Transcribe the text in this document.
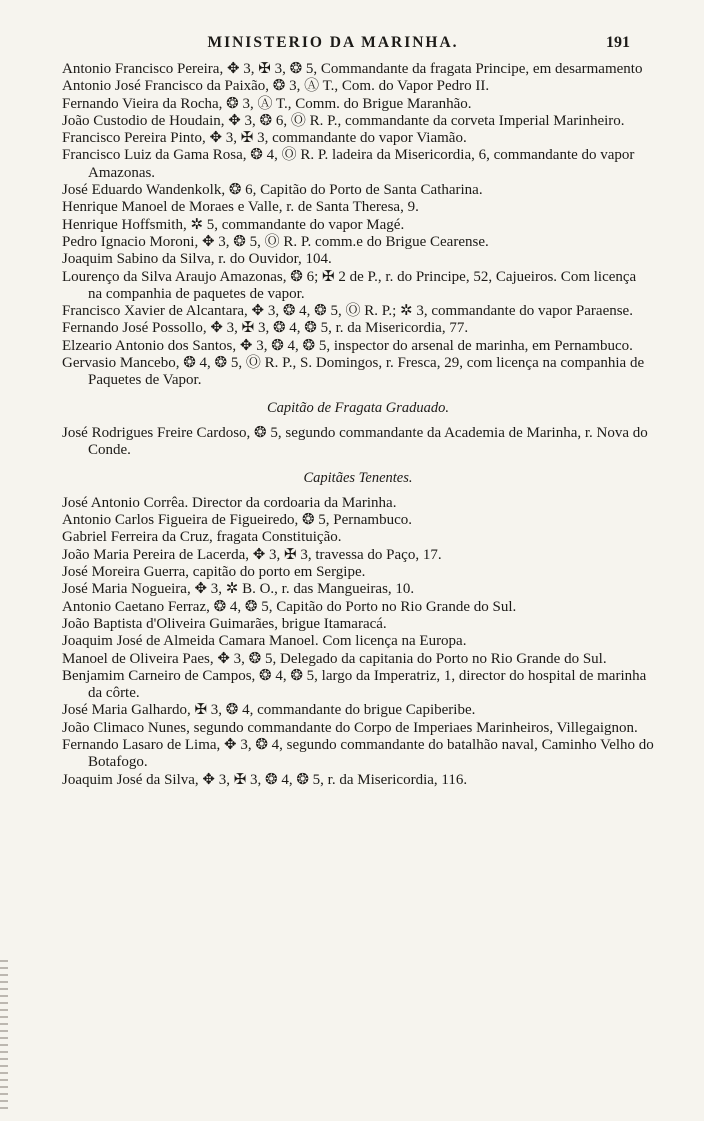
MINISTERIO DA MARINHA.	191
Antonio Francisco Pereira, ✥ 3, ✠ 3, ❂ 5, Commandante da fragata Principe, em desarmamento
Antonio José Francisco da Paixão, ❂ 3, Ⓐ T., Com. do Vapor Pedro II.
Fernando Vieira da Rocha, ❂ 3, Ⓐ T., Comm. do Brigue Maranhão.
João Custodio de Houdain, ✥ 3, ❂ 6, Ⓞ R. P., commandante da corveta Imperial Marinheiro.
Francisco Pereira Pinto, ✥ 3, ✠ 3, commandante do vapor Viamão.
Francisco Luiz da Gama Rosa, ❂ 4, Ⓞ R. P. ladeira da Misericordia, 6, commandante do vapor Amazonas.
José Eduardo Wandenkolk, ❂ 6, Capitão do Porto de Santa Catharina.
Henrique Manoel de Moraes e Valle, r. de Santa Theresa, 9.
Henrique Hoffsmith, ✲ 5, commandante do vapor Magé.
Pedro Ignacio Moroni, ✥ 3, ❂ 5, Ⓞ R. P. comm.e do Brigue Cearense.
Joaquim Sabino da Silva, r. do Ouvidor, 104.
Lourenço da Silva Araujo Amazonas, ❂ 6; ✠ 2 de P., r. do Principe, 52, Cajueiros. Com licença na companhia de paquetes de vapor.
Francisco Xavier de Alcantara, ✥ 3, ❂ 4, ❂ 5, Ⓞ R. P.; ✲ 3, commandante do vapor Paraense.
Fernando José Possollo, ✥ 3, ✠ 3, ❂ 4, ❂ 5, r. da Misericordia, 77.
Elzeario Antonio dos Santos, ✥ 3, ❂ 4, ❂ 5, inspector do arsenal de marinha, em Pernambuco.
Gervasio Mancebo, ❂ 4, ❂ 5, Ⓞ R. P., S. Domingos, r. Fresca, 29, com licença na companhia de Paquetes de Vapor.
Capitão de Fragata Graduado.
José Rodrigues Freire Cardoso, ❂ 5, segundo commandante da Academia de Marinha, r. Nova do Conde.
Capitães Tenentes.
José Antonio Corrêa. Director da cordoaria da Marinha.
Antonio Carlos Figueira de Figueiredo, ❂ 5, Pernambuco.
Gabriel Ferreira da Cruz, fragata Constituição.
João Maria Pereira de Lacerda, ✥ 3, ✠ 3, travessa do Paço, 17.
José Moreira Guerra, capitão do porto em Sergipe.
José Maria Nogueira, ✥ 3, ✲ B. O., r. das Mangueiras, 10.
Antonio Caetano Ferraz, ❂ 4, ❂ 5, Capitão do Porto no Rio Grande do Sul.
João Baptista d'Oliveira Guimarães, brigue Itamaracá.
Joaquim José de Almeida Camara Manoel. Com licença na Europa.
Manoel de Oliveira Paes, ✥ 3, ❂ 5, Delegado da capitania do Porto no Rio Grande do Sul.
Benjamim Carneiro de Campos, ❂ 4, ❂ 5, largo da Imperatriz, 1, director do hospital de marinha da côrte.
José Maria Galhardo, ✠ 3, ❂ 4, commandante do brigue Capiberibe.
João Climaco Nunes, segundo commandante do Corpo de Imperiaes Marinheiros, Villegaignon.
Fernando Lasaro de Lima, ✥ 3, ❂ 4, segundo commandante do batalhão naval, Caminho Velho do Botafogo.
Joaquim José da Silva, ✥ 3, ✠ 3, ❂ 4, ❂ 5, r. da Misericordia, 116.
